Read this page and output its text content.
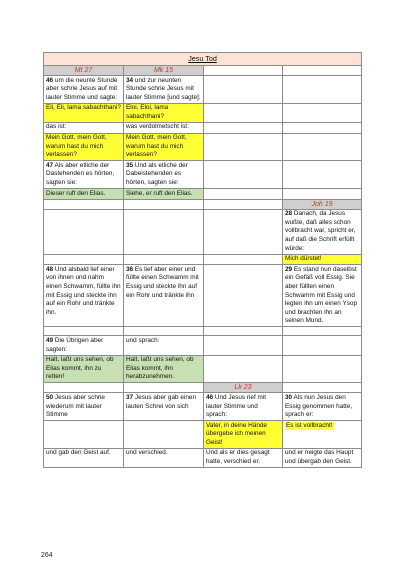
Jesu Tod			
Mt 27	Mk 15		
46 um die neunte Stunde aber schrie Jesus auf mit lauter Stimme und sagte:	34 und zur neunten Stunde schrie Jesus mit lauter Stimme [und sagte]:		
Eli, Eli, lama sabachthani?	Eloi, Eloi, lama sabachthani?		
das ist:	was verdolmetscht ist:		
Mein Gott, mein Gott, warum hast du mich verlassen?	Mein Gott, mein Gott, warum hast du mich verlassen?		
47 Als aber etliche der Dastehenden es hörten, sagten sie:	35 Und als etliche der Dabeistehenden es hörten, sagten sie:		
Dieser ruft den Elias.	Siehe, er ruft den Elias.		
			Joh 19
			28 Danach, da Jesus wußte, daß alles schon vollbracht war, spricht er, auf daß die Schrift erfüllt würde:
			Mich dürstet!
48 Und alsbald lief einer von ihnen und nahm einen Schwamm, füllte ihn mit Essig und steckte ihn auf ein Rohr und tränkte ihn.	36 Es lief aber einer und füllte einen Schwamm mit Essig und steckte ihn auf ein Rohr und tränkte ihn		29 Es stand nun daselbst ein Gefäß voll Essig. Sie aber füllten einen Schwamm mit Essig und legten ihn um einen Ysop und brachten ihn an seinen Mund.

49 Die Übrigen aber sagten:	und sprach:		
Halt, laßt uns sehen, ob Elias kommt, ihn zu retten!	Halt, laßt uns sehen, ob Elias kommt, ihn herabzunehmen.		
		Lk 23	
50 Jesus aber schrie wiederum mit lauter Stimme	37 Jesus aber gab einen lauten Schrei von sich	46 Und Jesus rief mit lauter Stimme und sprach:	30 Als nun Jesus den Essig genommen hatte, sprach er:
		Vater, in deine Hände übergebe ich meinen Geist!	Es ist vollbracht!
und gab den Geist auf.	und verschied.	Und als er dies gesagt hatte, verschied er.	und er neigte das Haupt und übergab den Geist.
264
